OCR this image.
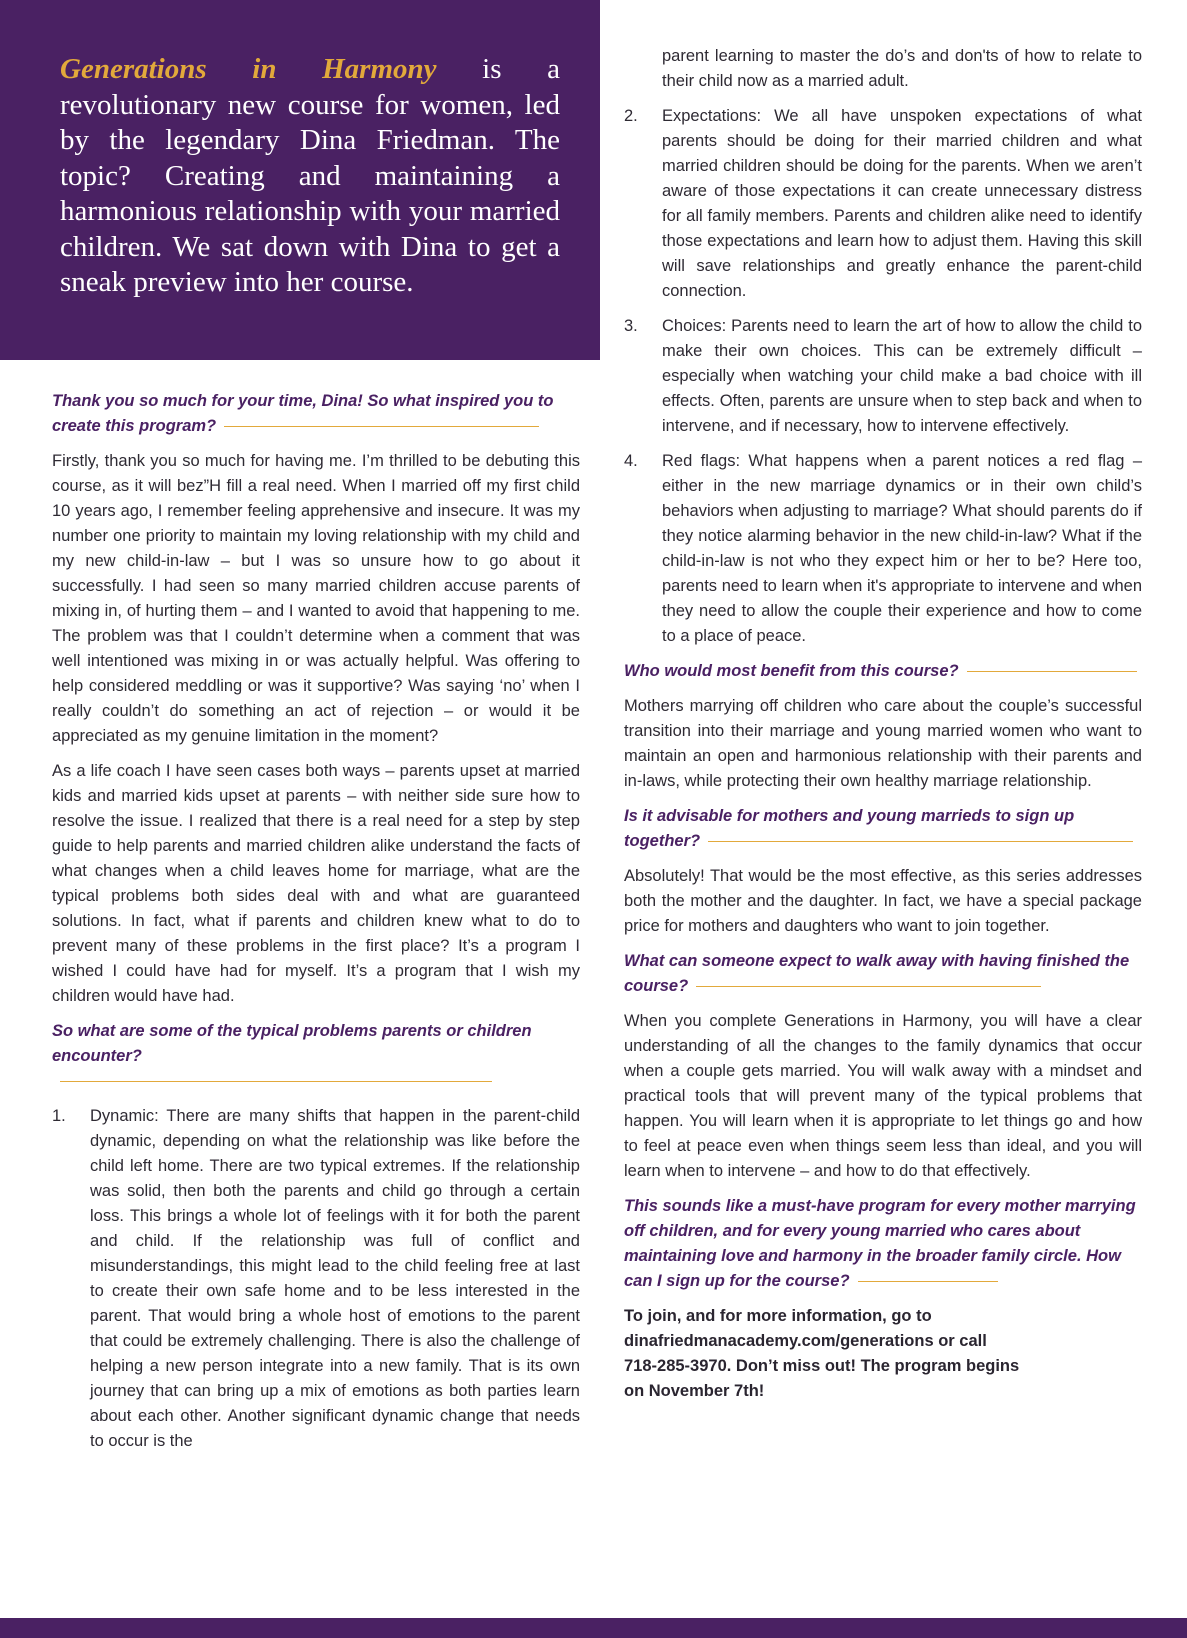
Generations in Harmony is a revolutionary new course for women, led by the legendary Dina Friedman. The topic? Creating and maintaining a harmonious relationship with your married children. We sat down with Dina to get a sneak preview into her course.

Thank you so much for your time, Dina! So what inspired you to create this program?

Firstly, thank you so much for having me. I’m thrilled to be debuting this course, as it will bez”H fill a real need. When I married off my first child 10 years ago, I remember feeling apprehensive and insecure. It was my number one priority to maintain my loving relationship with my child and my new child-in-law – but I was so unsure how to go about it successfully. I had seen so many married children accuse parents of mixing in, of hurting them – and I wanted to avoid that happening to me. The problem was that I couldn’t determine when a comment that was well intentioned was mixing in or was actually helpful. Was offering to help considered meddling or was it supportive? Was saying ‘no’ when I really couldn’t do something an act of rejection – or would it be appreciated as my genuine limitation in the moment?

As a life coach I have seen cases both ways – parents upset at married kids and married kids upset at parents – with neither side sure how to resolve the issue. I realized that there is a real need for a step by step guide to help parents and married children alike understand the facts of what changes when a child leaves home for marriage, what are the typical problems both sides deal with and what are guaranteed solutions. In fact, what if parents and children knew what to do to prevent many of these problems in the first place? It’s a program I wished I could have had for myself. It’s a program that I wish my children would have had.

So what are some of the typical problems parents or children encounter?
1. Dynamic: There are many shifts that happen in the parent-child dynamic, depending on what the relationship was like before the child left home. There are two typical extremes. If the relationship was solid, then both the parents and child go through a certain loss. This brings a whole lot of feelings with it for both the parent and child. If the relationship was full of conflict and misunderstandings, this might lead to the child feeling free at last to create their own safe home and to be less interested in the parent. That would bring a whole host of emotions to the parent that could be extremely challenging. There is also the challenge of helping a new person integrate into a new family. That is its own journey that can bring up a mix of emotions as both parties learn about each other. Another significant dynamic change that needs to occur is the
parent learning to master the do’s and don'ts of how to relate to their child now as a married adult.
2. Expectations: We all have unspoken expectations of what parents should be doing for their married children and what married children should be doing for the parents. When we aren’t aware of those expectations it can create unnecessary distress for all family members. Parents and children alike need to identify those expectations and learn how to adjust them. Having this skill will save relationships and greatly enhance the parent-child connection.
3. Choices: Parents need to learn the art of how to allow the child to make their own choices. This can be extremely difficult – especially when watching your child make a bad choice with ill effects. Often, parents are unsure when to step back and when to intervene, and if necessary, how to intervene effectively.
4. Red flags: What happens when a parent notices a red flag – either in the new marriage dynamics or in their own child’s behaviors when adjusting to marriage? What should parents do if they notice alarming behavior in the new child-in-law? What if the child-in-law is not who they expect him or her to be? Here too, parents need to learn when it's appropriate to intervene and when they need to allow the couple their experience and how to come to a place of peace.
Who would most benefit from this course?

Mothers marrying off children who care about the couple’s successful transition into their marriage and young married women who want to maintain an open and harmonious relationship with their parents and in-laws, while protecting their own healthy marriage relationship.

Is it advisable for mothers and young marrieds to sign up together?

Absolutely! That would be the most effective, as this series addresses both the mother and the daughter. In fact, we have a special package price for mothers and daughters who want to join together.

What can someone expect to walk away with having finished the course?

When you complete Generations in Harmony, you will have a clear understanding of all the changes to the family dynamics that occur when a couple gets married. You will walk away with a mindset and practical tools that will prevent many of the typical problems that happen. You will learn when it is appropriate to let things go and how to feel at peace even when things seem less than ideal, and you will learn when to intervene – and how to do that effectively.

This sounds like a must-have program for every mother marrying off children, and for every young married who cares about maintaining love and harmony in the broader family circle. How can I sign up for the course?
To join, and for more information, go to
dinafriedmanacademy.com/generations or call
718-285-3970. Don’t miss out! The program begins
on November 7th!
